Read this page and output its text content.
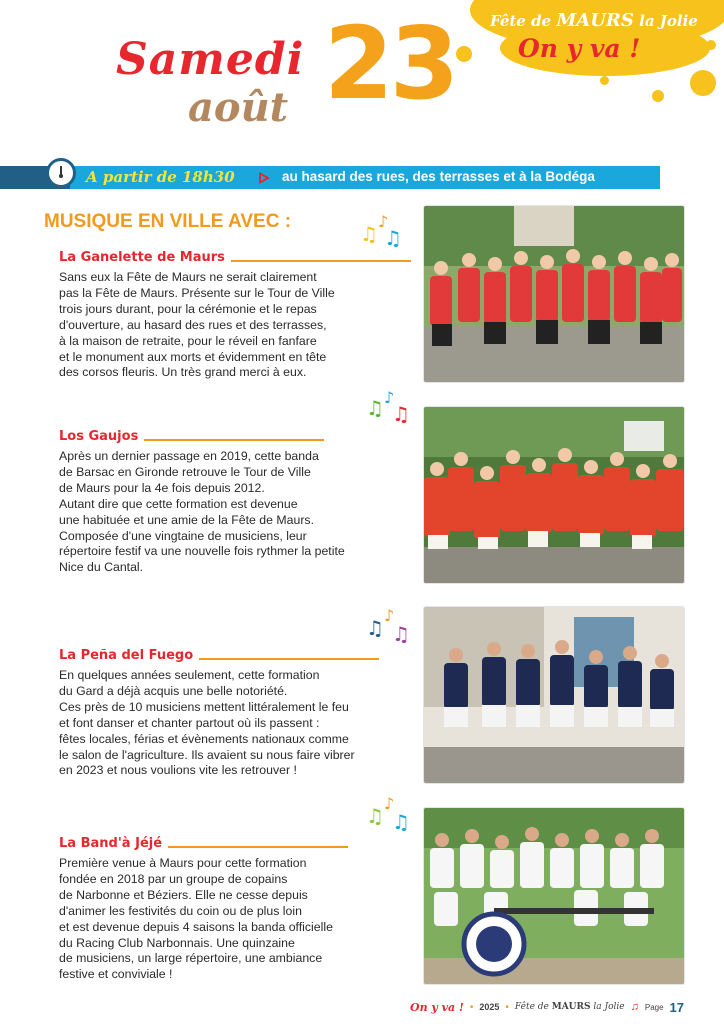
Samedi
août 23 Fête de MAURS la Jolie
On y va !
A partir de 18h30	au hasard des rues, des terrasses et à la Bodéga
MUSIQUE EN VILLE AVEC :
♫
♪
♫
♫ ♪
♫
♫
♪
♫
♫
♪
♫
La Ganelette de Maurs

Sans eux la Fête de Maurs ne serait clairement

pas la Fête de Maurs. Présente sur le Tour de Ville

trois jours durant, pour la cérémonie et le repas

d'ouverture, au hasard des rues et des terrasses,

à la maison de retraite, pour le réveil en fanfare

et le monument aux morts et évidemment en tête

des corsos fleuris. Un très grand merci à eux.

Los Gaujos

Après un dernier passage en 2019, cette banda

de Barsac en Gironde retrouve le Tour de Ville

de Maurs pour la 4e fois depuis 2012.

Autant dire que cette formation est devenue

une habituée et une amie de la Fête de Maurs.

Composée d'une vingtaine de musiciens, leur

répertoire festif va une nouvelle fois rythmer la petite

Nice du Cantal.

La Peña del Fuego

En quelques années seulement, cette formation

du Gard a déjà acquis une belle notoriété.

Ces près de 10 musiciens mettent littéralement le feu

et font danser et chanter partout où ils passent :

fêtes locales, férias et évènements nationaux comme

le salon de l'agriculture. Ils avaient su nous faire vibrer

en 2023 et nous voulions vite les retrouver !

La Band'à Jéjé

Première venue à Maurs pour cette formation

fondée en 2018 par un groupe de copains

de Narbonne et Béziers. Elle ne cesse depuis

d'animer les festivités du coin ou de plus loin

et est devenue depuis 4 saisons la banda officielle

du Racing Club Narbonnais. Une quinzaine

de musiciens, un large répertoire, une ambiance

festive et conviviale !

On y va ! • 2025 • Fête de MAURS la Jolie ♫ Page 17
